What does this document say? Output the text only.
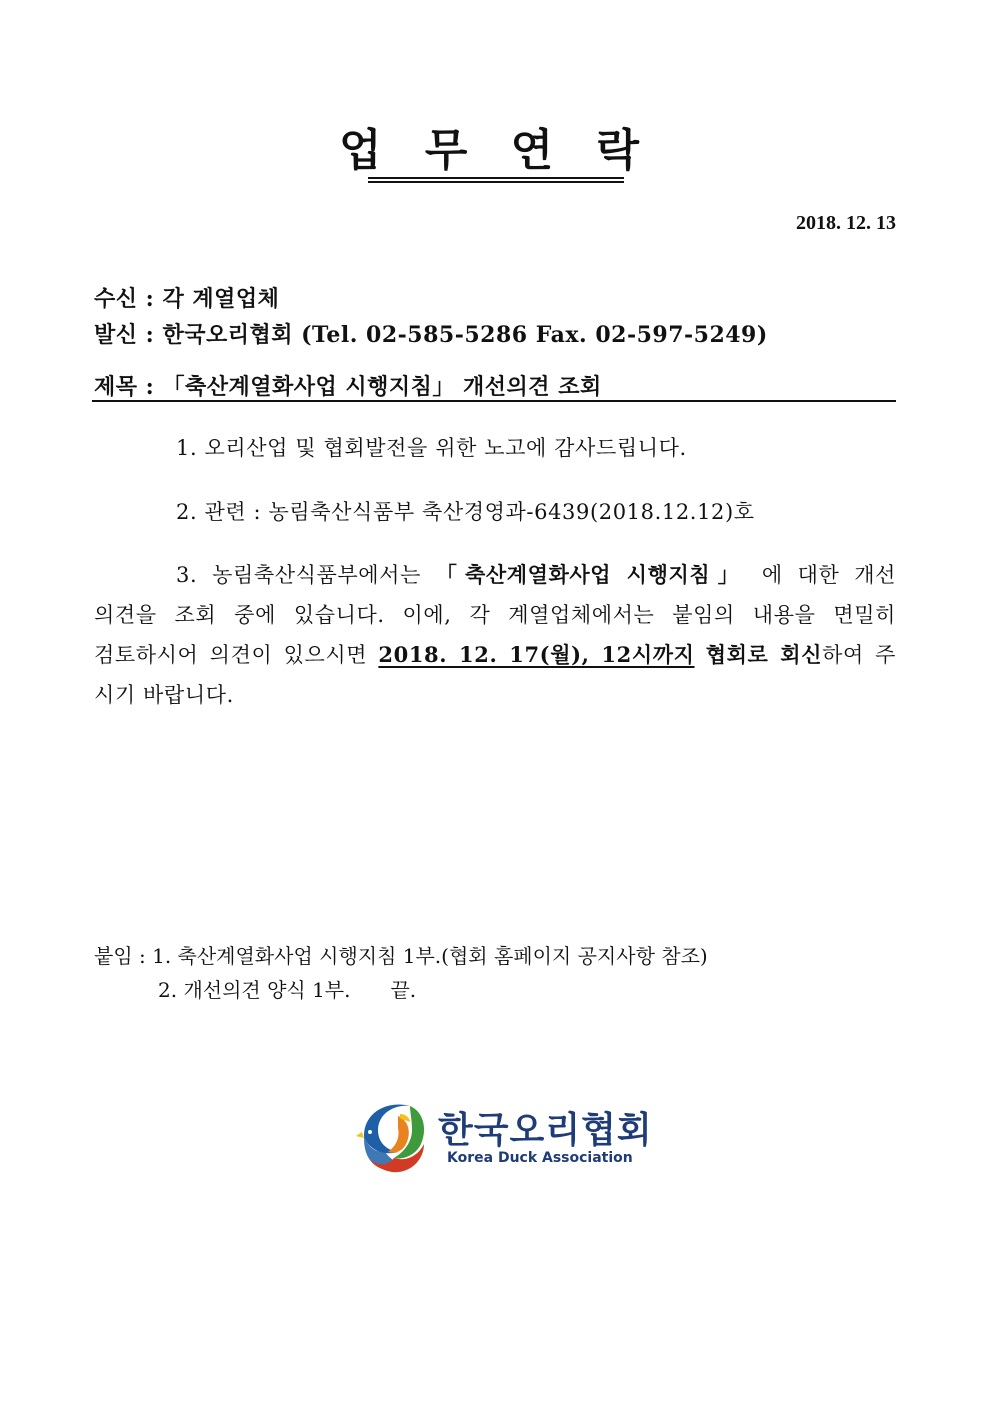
업 무 연 락
2018. 12. 13
수신 : 각 계열업체
발신 : 한국오리협회 (Tel. 02-585-5286 Fax. 02-597-5249)
제목 : 「축산계열화사업 시행지침」 개선의견 조회
1. 오리산업 및 협회발전을 위한 노고에 감사드립니다.
2. 관련 : 농림축산식품부 축산경영과-6439(2018.12.12)호
3. 농림축산식품부에서는 「축산계열화사업 시행지침」 에 대한 개선
의견을 조회 중에 있습니다. 이에, 각 계열업체에서는 붙임의 내용을 면밀히
검토하시어 의견이 있으시면 2018. 12. 17(월), 12시까지 협회로 회신하여 주
시기 바랍니다.
붙임 : 1. 축산계열화사업 시행지침 1부.(협회 홈페이지 공지사항 참조)
2. 개선의견 양식 1부. 끝.
한국오리협회
Korea Duck Association
